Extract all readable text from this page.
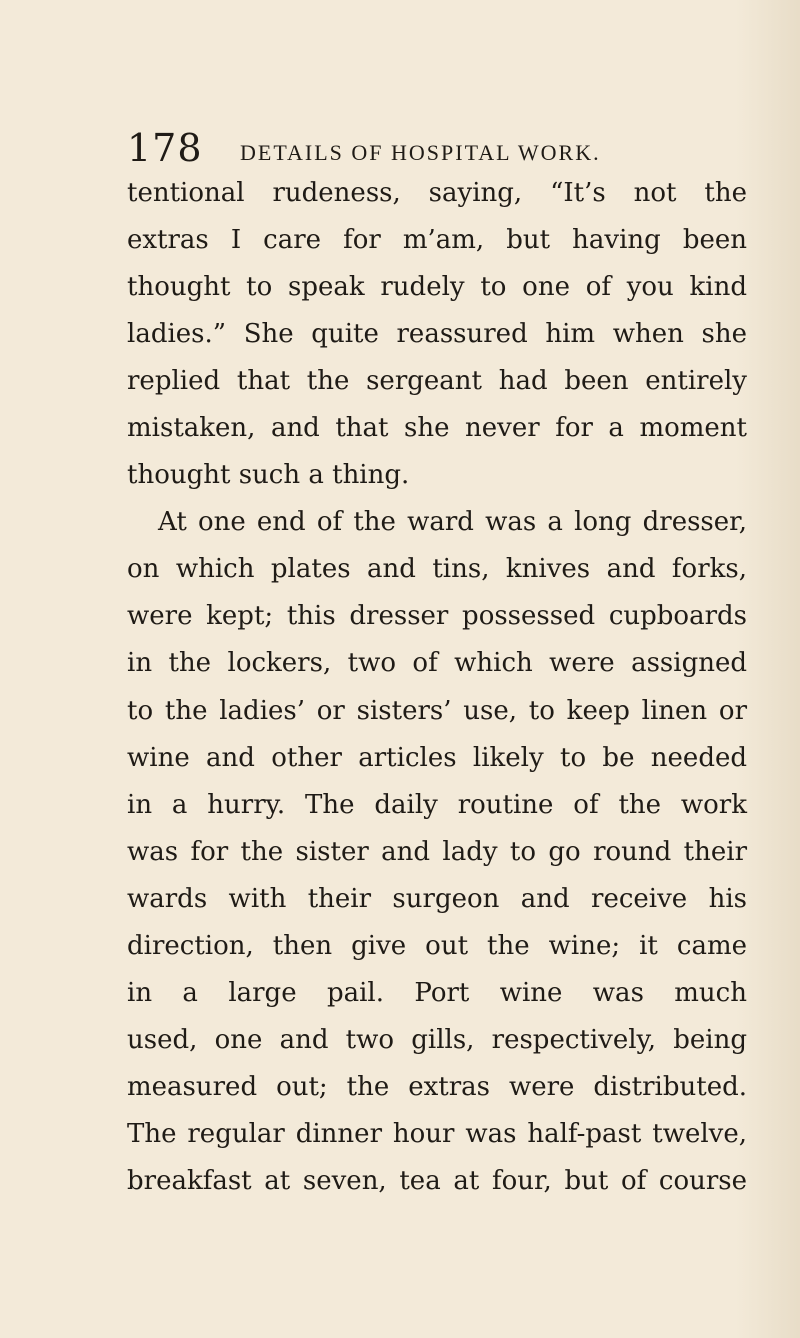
178 DETAILS OF HOSPITAL WORK.
tentional rudeness, saying, “It’s not the
extras I care for m’am, but having been
thought to speak rudely to one of you kind
ladies.” She quite reassured him when she
replied that the sergeant had been entirely
mistaken, and that she never for a moment
thought such a thing.
At one end of the ward was a long dresser,
on which plates and tins, knives and forks,
were kept; this dresser possessed cupboards
in the lockers, two of which were assigned
to the ladies’ or sisters’ use, to keep linen or
wine and other articles likely to be needed
in a hurry. The daily routine of the work
was for the sister and lady to go round their
wards with their surgeon and receive his
direction, then give out the wine; it came
in a large pail. Port wine was much
used, one and two gills, respectively, being
measured out; the extras were distributed.
The regular dinner hour was half-past twelve,
breakfast at seven, tea at four, but of course
